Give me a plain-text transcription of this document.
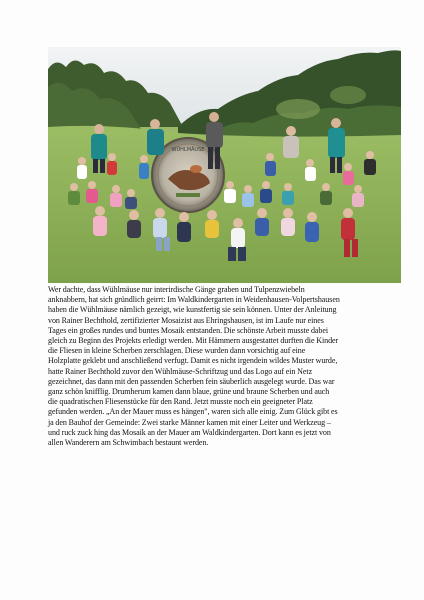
WÜHLMÄUSE

Wer dachte, dass Wühlmäuse nur interirdische Gänge graben und Tulpenzwiebeln
anknabbern, hat sich gründlich geirrt: Im Waldkindergarten in Weidenhausen-Volpertshausen
haben die Wühlmäuse nämlich gezeigt, wie kunstfertig sie sein können. Unter der Anleitung
von Rainer Bechthold, zertifizierter Mosaizist aus Ehringshausen, ist im Laufe nur eines
Tages ein großes rundes und buntes Mosaik entstanden. Die schönste Arbeit musste dabei
gleich zu Beginn des Projekts erledigt werden. Mit Hämmern ausgestattet durften die Kinder
die Fliesen in kleine Scherben zerschlagen. Diese wurden dann vorsichtig auf eine
Holzplatte geklebt und anschließend verfugt. Damit es nicht irgendein wildes Muster wurde,
hatte Rainer Bechthold zuvor den Wühlmäuse-Schriftzug und das Logo auf ein Netz
gezeichnet, das dann mit den passenden Scherben fein säuberlich ausgelegt wurde. Das war
ganz schön knifflig. Drumherum kamen dann blaue, grüne und braune Scherben und auch
die quadratischen Fliesenstücke für den Rand. Jetzt musste noch ein geeigneter Platz
gefunden werden. „An der Mauer muss es hängen", waren sich alle einig. Zum Glück gibt es
ja den Bauhof der Gemeinde: Zwei starke Männer kamen mit einer Leiter und Werkzeug –
und ruck zuck hing das Mosaik an der Mauer am Waldkindergarten. Dort kann es jetzt von
allen Wanderern am Schwimbach bestaunt werden.
